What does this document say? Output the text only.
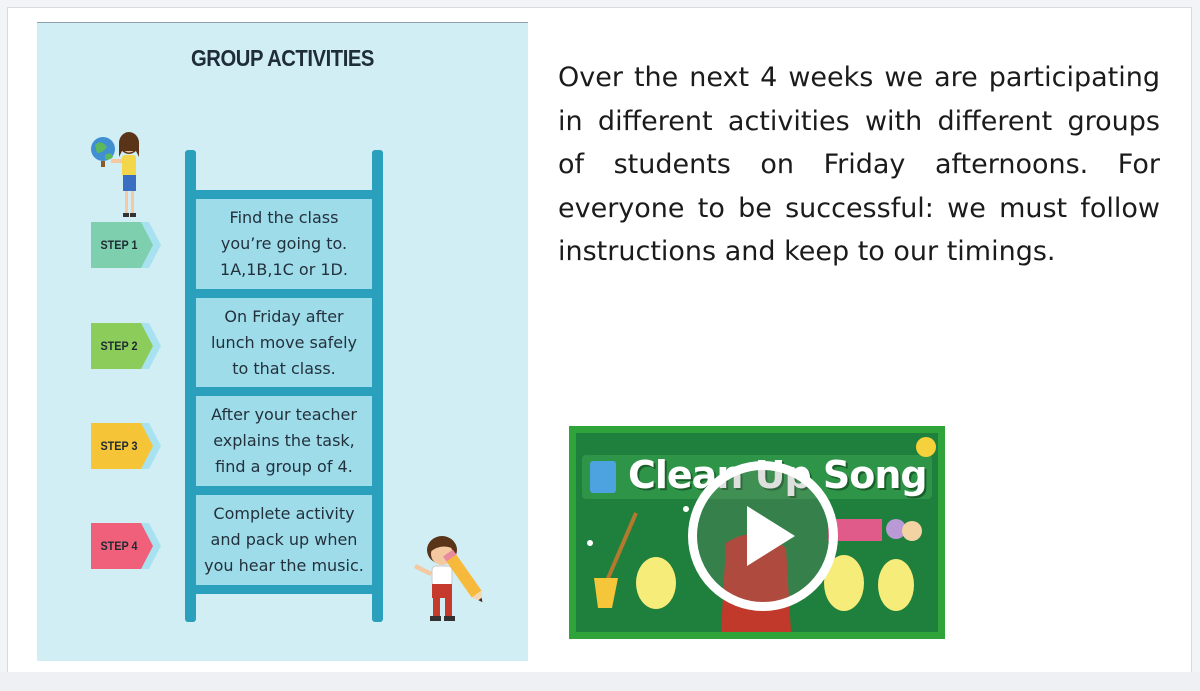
GROUP ACTIVITIES
Find the class
you’re going to.
1A,1B,1C or 1D.
On Friday after
lunch move safely
to that class.
After your teacher
explains the task,
find a group of 4.
Complete activity
and pack up when
you hear the music.
STEP 1
STEP 2
STEP 3
STEP 4
Over the next 4 weeks we are participating in different activities with different groups of students on Friday afternoons. For everyone to be successful: we must follow instructions and keep to our timings.
Clean Up Song
